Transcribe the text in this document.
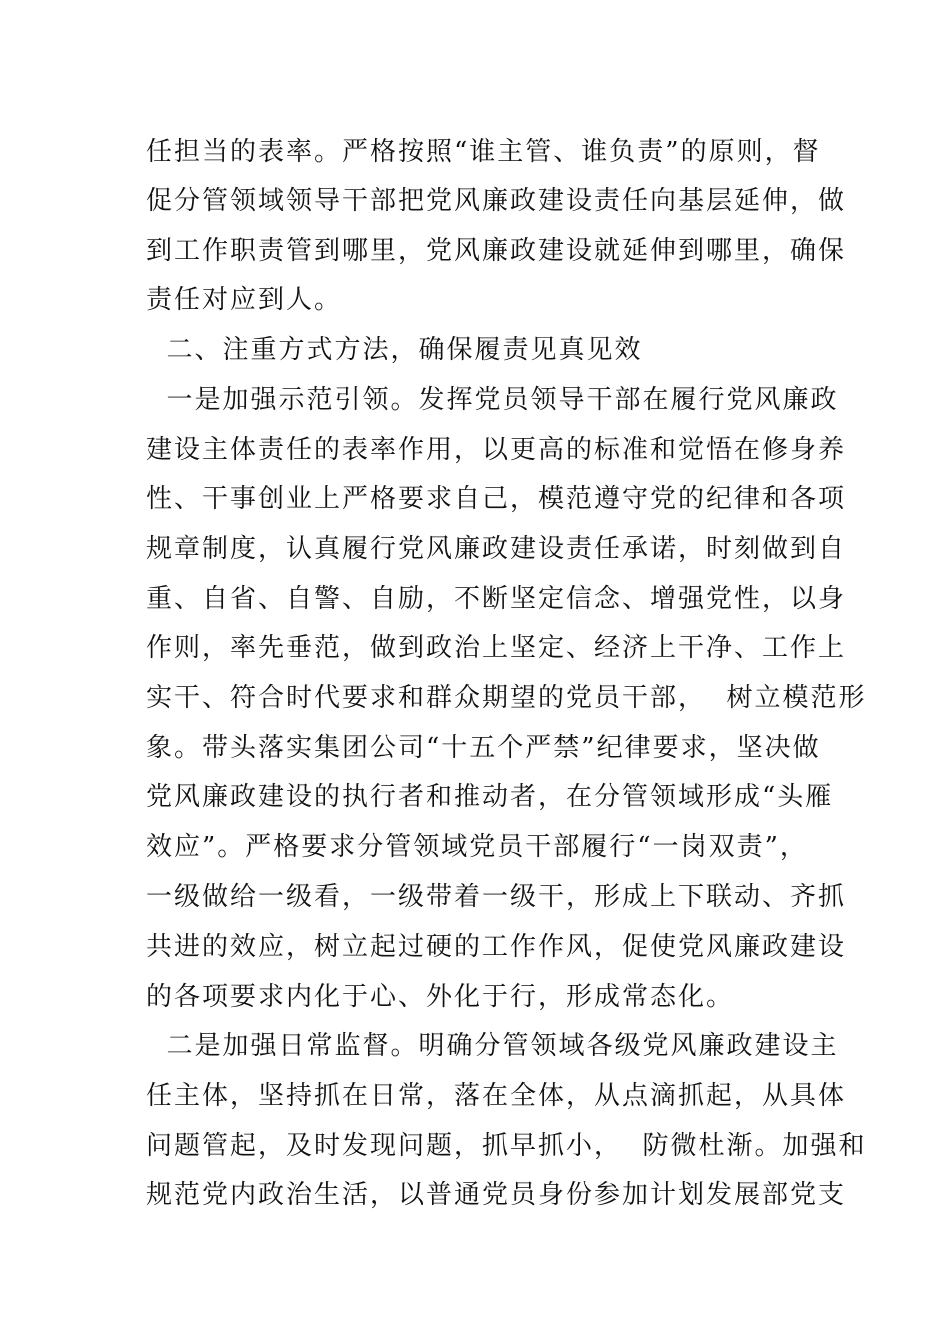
任担当的表率。严格按照“谁主管、谁负责”的原则，督
促分管领域领导干部把党风廉政建设责任向基层延伸，做
到工作职责管到哪里，党风廉政建设就延伸到哪里，确保
责任对应到人。
二、注重方式方法，确保履责见真见效
一是加强示范引领。发挥党员领导干部在履行党风廉政
建设主体责任的表率作用，以更高的标准和觉悟在修身养
性、干事创业上严格要求自己，模范遵守党的纪律和各项
规章制度，认真履行党风廉政建设责任承诺，时刻做到自
重、自省、自警、自励，不断坚定信念、增强党性，以身
作则，率先垂范，做到政治上坚定、经济上干净、工作上
实干、符合时代要求和群众期望的党员干部，  树立模范形
象。带头落实集团公司“十五个严禁”纪律要求，坚决做
党风廉政建设的执行者和推动者，在分管领域形成“头雁
效应”。严格要求分管领域党员干部履行“一岗双责”，
一级做给一级看，一级带着一级干，形成上下联动、齐抓
共进的效应，树立起过硬的工作作风，促使党风廉政建设
的各项要求内化于心、外化于行，形成常态化。
二是加强日常监督。明确分管领域各级党风廉政建设主
任主体，坚持抓在日常，落在全体，从点滴抓起，从具体
问题管起，及时发现问题，抓早抓小，  防微杜渐。加强和
规范党内政治生活，以普通党员身份参加计划发展部党支
